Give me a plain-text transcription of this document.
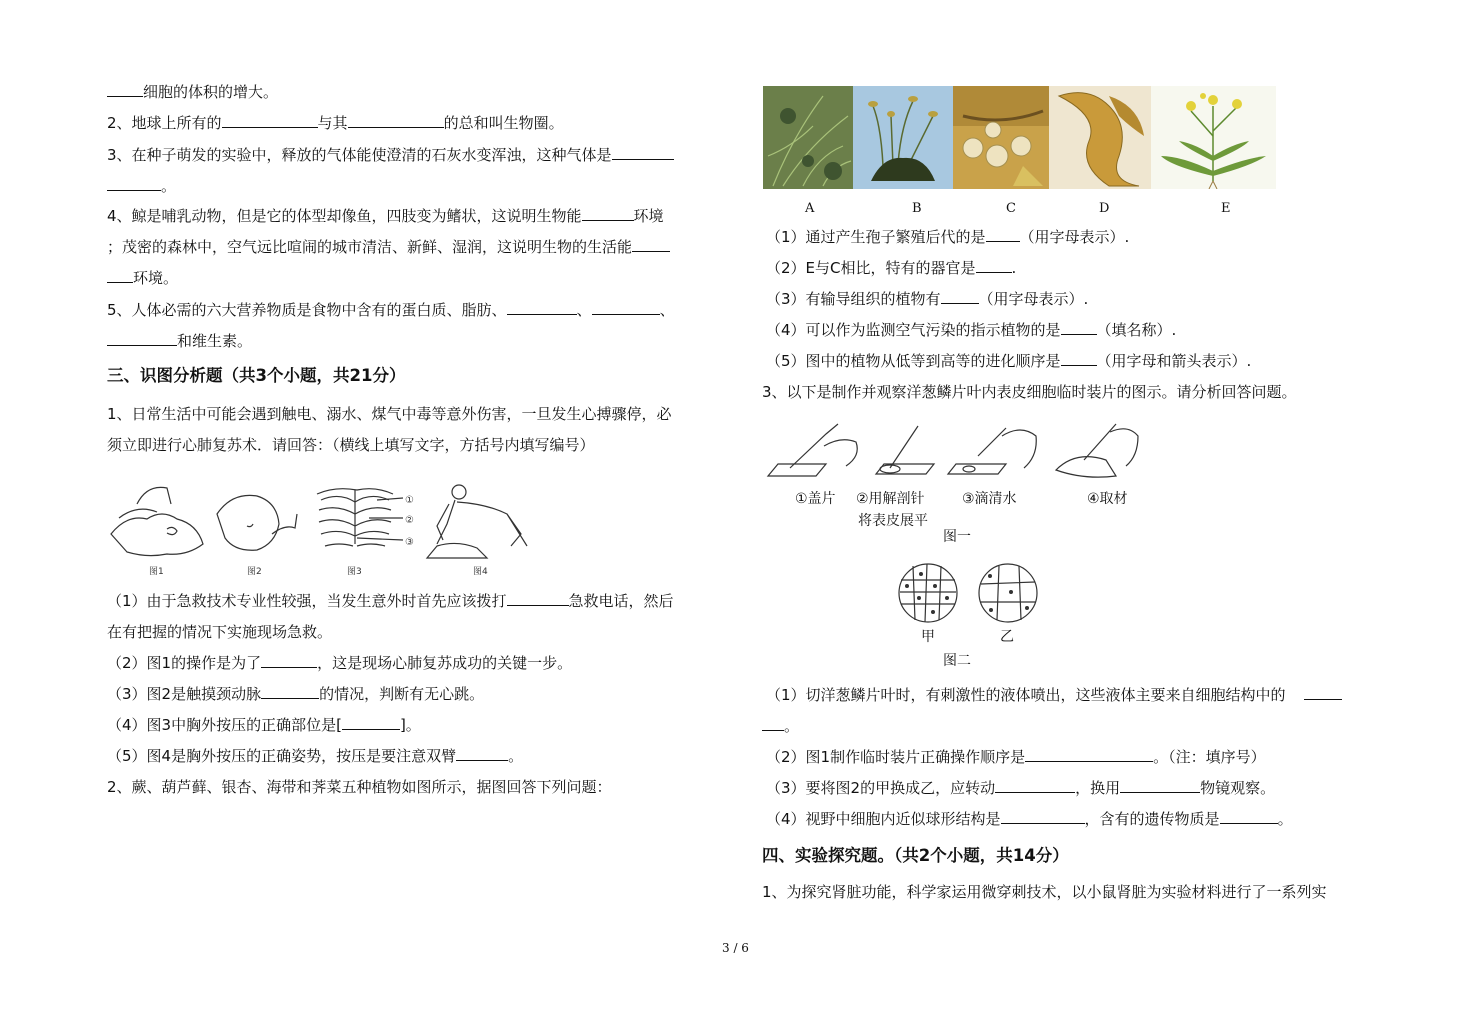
细胞的体积的增大。
2、地球上所有的	与其	的总和叫生物圈。
3、在种子萌发的实验中，释放的气体能使澄清的石灰水变浑浊，这种气体是
。
4、鲸是哺乳动物，但是它的体型却像鱼，四肢变为鳍状，这说明生物能	环境
；茂密的森林中，空气远比喧闹的城市清洁、新鲜、湿润，这说明生物的生活能
环境。
5、人体必需的六大营养物质是食物中含有的蛋白质、脂肪、	、	、
和维生素。
三、识图分析题（共3个小题，共21分）
1、日常生活中可能会遇到触电、溺水、煤气中毒等意外伤害，一旦发生心搏骤停，必
须立即进行心肺复苏术．请回答：（横线上填写文字，方括号内填写编号）
①
②
③
图1	图2	图3	图4
（1）由于急救技术专业性较强，当发生意外时首先应该拨打	急救电话，然后
在有把握的情况下实施现场急救。
（2）图1的操作是为了	，这是现场心肺复苏成功的关键一步。
（3）图2是触摸颈动脉	的情况，判断有无心跳。
（4）图3中胸外按压的正确部位是[	]。
（5）图4是胸外按压的正确姿势，按压是要注意双臂	。
2、蕨、葫芦藓、银杏、海带和荠菜五种植物如图所示，据图回答下列问题：
A	B	C	D	E
（1）通过产生孢子繁殖后代的是 （用字母表示）.
（2）E与C相比，特有的器官是 .
（3）有输导组织的植物有	（用字母表示）.
（4）可以作为监测空气污染的指示植物的是 （填名称）.
（5）图中的植物从低等到高等的进化顺序是 （用字母和箭头表示）.
3、以下是制作并观察洋葱鳞片叶内表皮细胞临时装片的图示。请分析回答问题。
①盖片 ②用解剖针
将表皮展平
③滴清水	④取材
图一
甲	乙
图二
（1）切洋葱鳞片叶时，有刺激性的液体喷出，这些液体主要来自细胞结构中的
。
（2）图1制作临时装片正确操作顺序是	。（注：填序号）
（3）要将图2的甲换成乙，应转动	，换用	物镜观察。
（4）视野中细胞内近似球形结构是	，含有的遗传物质是	。
四、实验探究题。（共2个小题，共14分）
1、为探究肾脏功能，科学家运用微穿刺技术，以小鼠肾脏为实验材料进行了一系列实
3 / 6
